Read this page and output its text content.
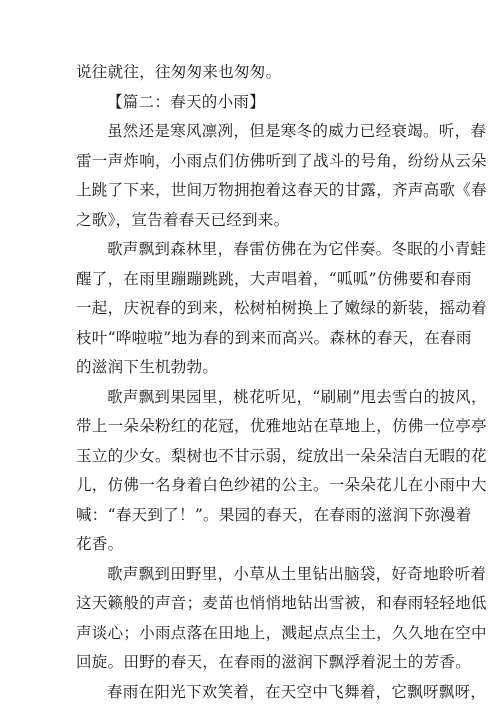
说往就往，往匆匆来也匆匆。
【篇二：春天的小雨】
虽然还是寒风凛冽，但是寒冬的威力已经衰竭。听，春
雷一声炸响，小雨点们仿佛听到了战斗的号角，纷纷从云朵
上跳了下来，世间万物拥抱着这春天的甘露，齐声高歌《春
之歌》，宣告着春天已经到来。
歌声飘到森林里，春雷仿佛在为它伴奏。冬眠的小青蛙
醒了，在雨里蹦蹦跳跳，大声唱着，“呱呱”仿佛要和春雨
一起，庆祝春的到来，松树柏树换上了嫩绿的新装，摇动着
枝叶“哗啦啦”地为春的到来而高兴。森林的春天，在春雨
的滋润下生机勃勃。
歌声飘到果园里，桃花听见，“刷刷”甩去雪白的披风，
带上一朵朵粉红的花冠，优雅地站在草地上，仿佛一位亭亭
玉立的少女。梨树也不甘示弱，绽放出一朵朵洁白无暇的花
儿，仿佛一名身着白色纱裙的公主。一朵朵花儿在小雨中大
喊：“春天到了！”。果园的春天，在春雨的滋润下弥漫着
花香。
歌声飘到田野里，小草从土里钻出脑袋，好奇地聆听着
这天籁般的声音；麦苗也悄悄地钻出雪被，和春雨轻轻地低
声谈心；小雨点落在田地上，溅起点点尘土，久久地在空中
回旋。田野的春天，在春雨的滋润下飘浮着泥土的芳香。
春雨在阳光下欢笑着，在天空中飞舞着，它飘呀飘呀，
